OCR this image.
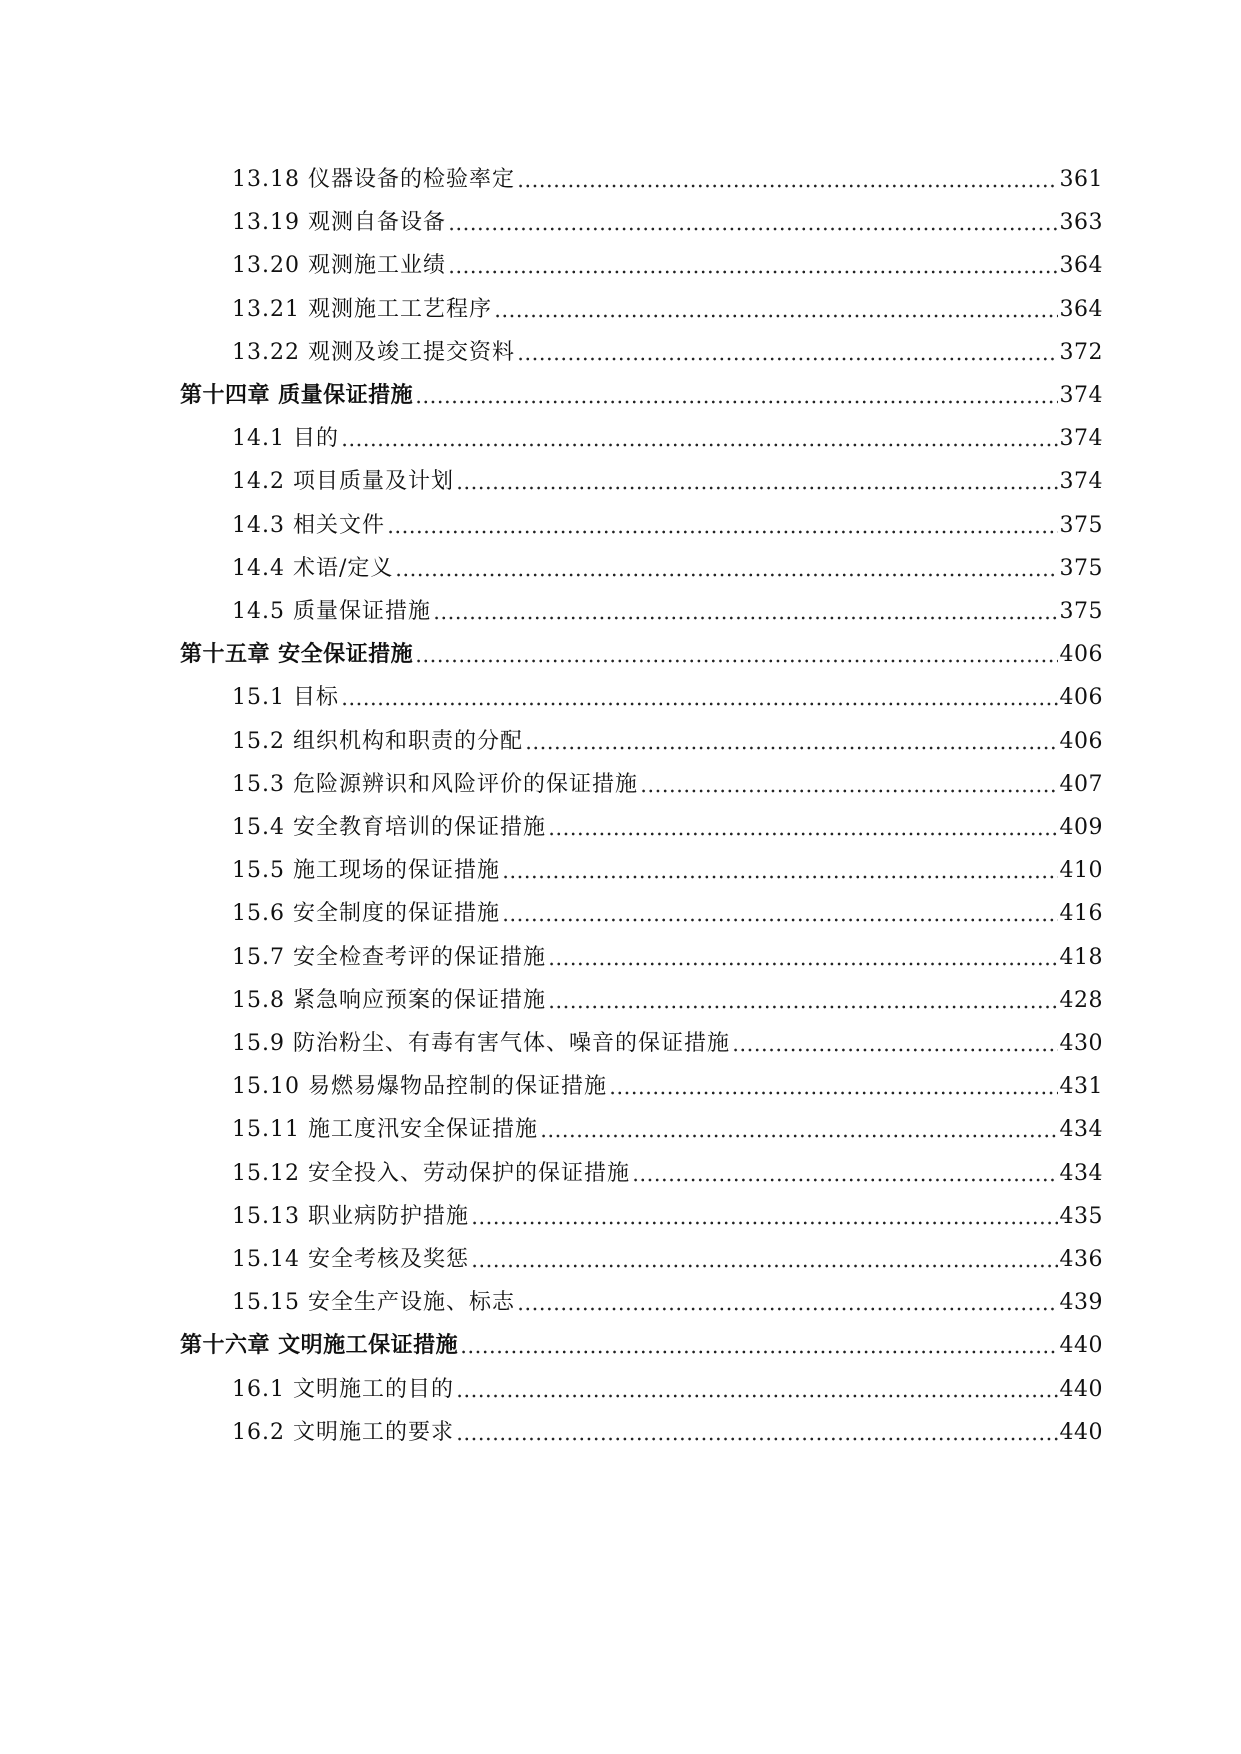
13.18 仪器设备的检验率定	361
13.19 观测自备设备	363
13.20 观测施工业绩	364
13.21 观测施工工艺程序	364
13.22 观测及竣工提交资料	372
第十四章 质量保证措施	374
14.1 目的	374
14.2 项目质量及计划	374
14.3 相关文件	375
14.4 术语/定义	375
14.5 质量保证措施	375
第十五章 安全保证措施	406
15.1 目标	406
15.2 组织机构和职责的分配	406
15.3 危险源辨识和风险评价的保证措施	407
15.4 安全教育培训的保证措施	409
15.5 施工现场的保证措施	410
15.6 安全制度的保证措施	416
15.7 安全检查考评的保证措施	418
15.8 紧急响应预案的保证措施	428
15.9 防治粉尘、有毒有害气体、噪音的保证措施	430
15.10 易燃易爆物品控制的保证措施	431
15.11 施工度汛安全保证措施	434
15.12 安全投入、劳动保护的保证措施	434
15.13 职业病防护措施	435
15.14 安全考核及奖惩	436
15.15 安全生产设施、标志	439
第十六章 文明施工保证措施	440
16.1 文明施工的目的	440
16.2 文明施工的要求	440
